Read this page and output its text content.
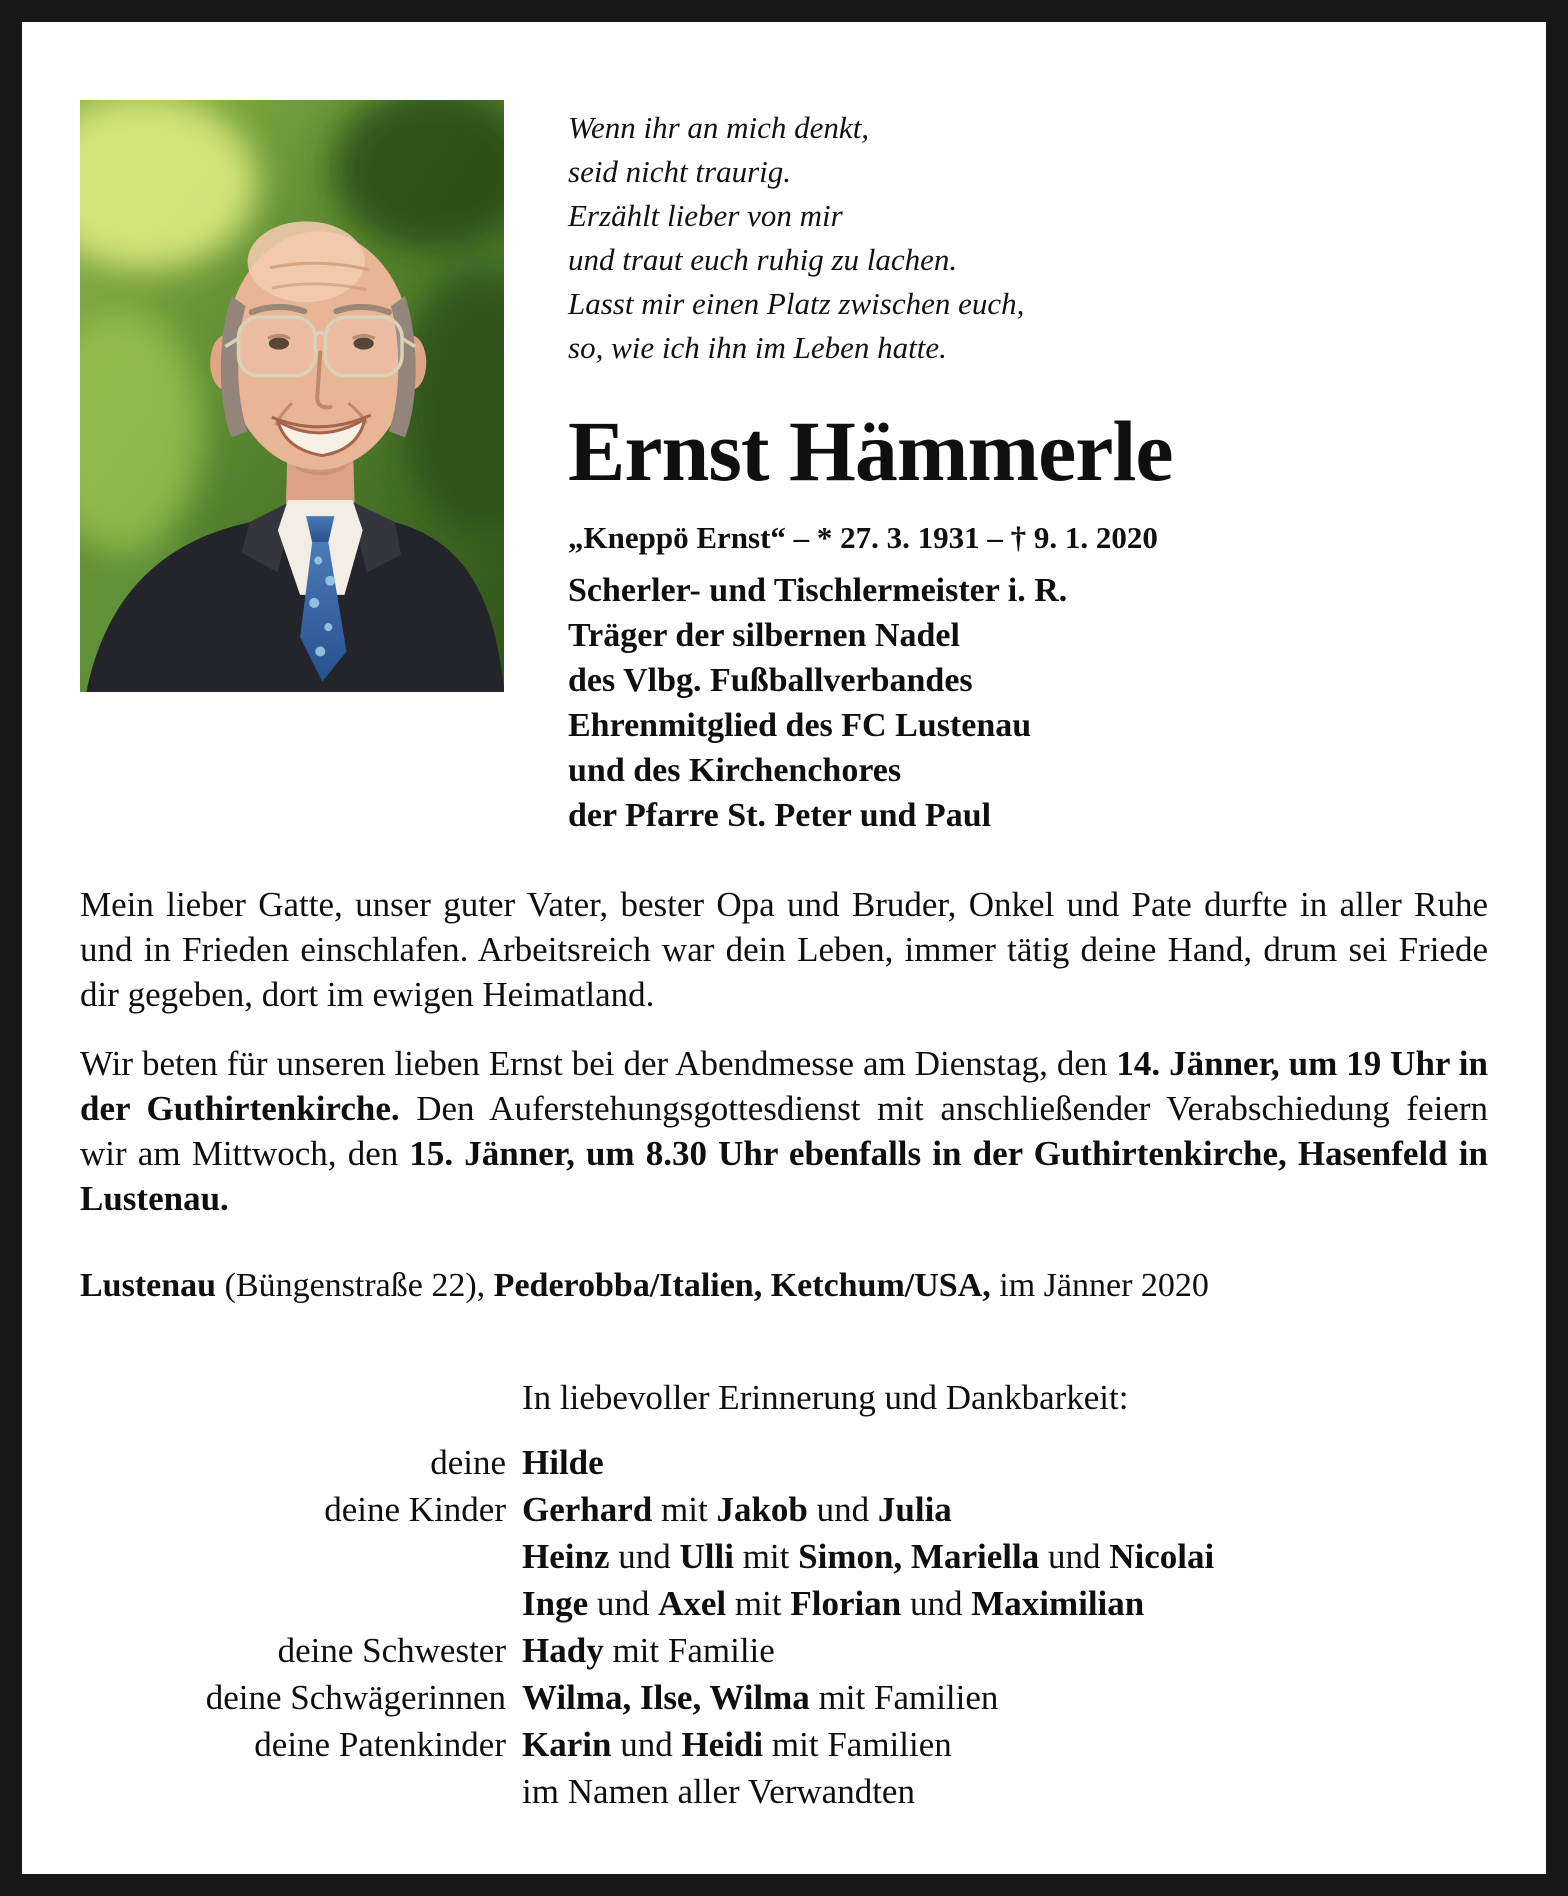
Wenn ihr an mich denkt,
seid nicht traurig.
Erzählt lieber von mir
und traut euch ruhig zu lachen.
Lasst mir einen Platz zwischen euch,
so, wie ich ihn im Leben hatte.
Ernst Hämmerle

„Kneppö Ernst“ – * 27. 3. 1931 – † 9. 1. 2020

Scherler- und Tischlermeister i. R.
Träger der silbernen Nadel
des Vlbg. Fußballverbandes
Ehrenmitglied des FC Lustenau
und des Kirchenchores
der Pfarre St. Peter und Paul

Mein lieber Gatte, unser guter Vater, bester Opa und Bruder, Onkel und Pate durfte in aller Ruhe und in Frieden einschlafen. Arbeitsreich war dein Leben, immer tätig deine Hand, drum sei Friede dir gegeben, dort im ewigen Heimatland.

Wir beten für unseren lieben Ernst bei der Abendmesse am Dienstag, den 14. Jänner, um 19 Uhr in der Guthirtenkirche. Den Auferstehungsgottesdienst mit anschließender Verabschiedung feiern wir am Mittwoch, den 15. Jänner, um 8.30 Uhr ebenfalls in der Guthirtenkirche, Hasenfeld in Lustenau.

Lustenau (Büngenstraße 22), Pederobba/Italien, Ketchum/USA, im Jänner 2020

In liebevoller Erinnerung und Dankbarkeit:

deine Hilde
deine Kinder Gerhard mit Jakob und Julia
Heinz und Ulli mit Simon, Mariella und Nicolai
Inge und Axel mit Florian und Maximilian
deine Schwester Hady mit Familie
deine Schwägerinnen Wilma, Ilse, Wilma mit Familien
deine Patenkinder Karin und Heidi mit Familien
im Namen aller Verwandten
